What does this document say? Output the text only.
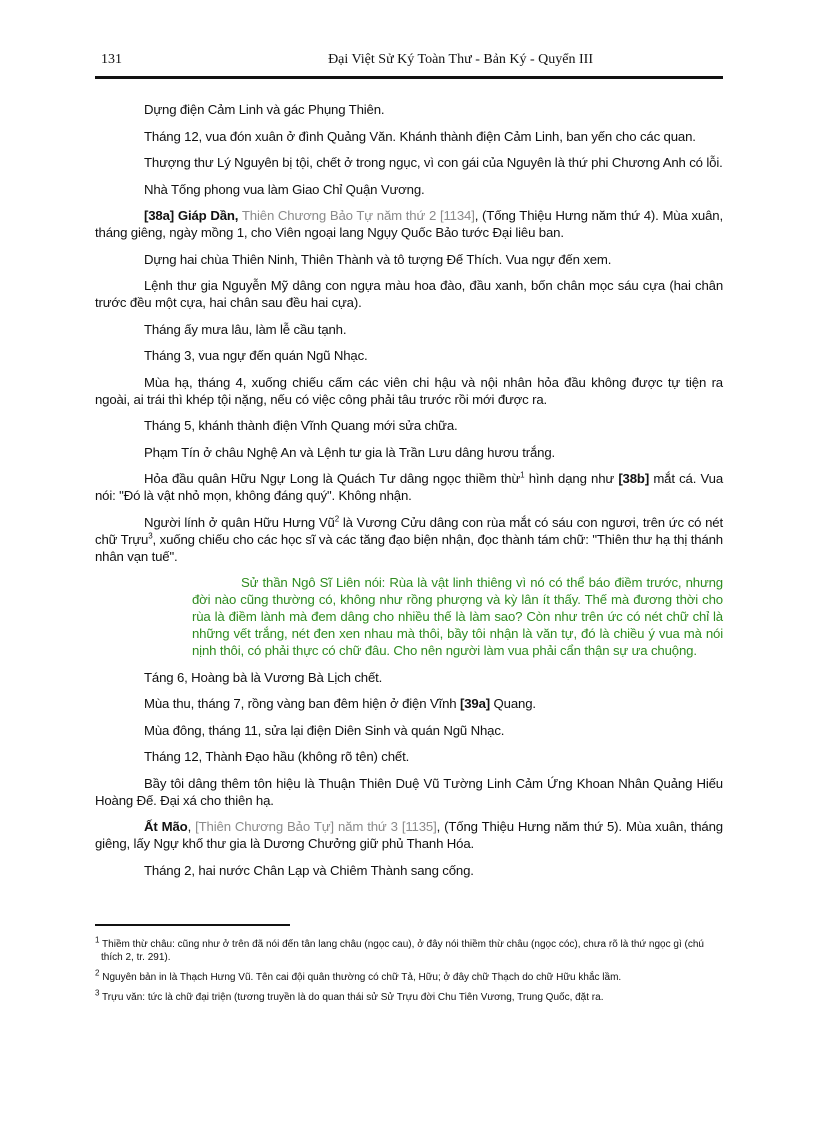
131	Đại Việt Sử Ký Toàn Thư - Bản Ký - Quyển III

Dựng điện Cảm Linh và gác Phụng Thiên.

Tháng 12, vua đón xuân ở đình Quảng Văn. Khánh thành điện Cảm Linh, ban yến cho các quan.

Thượng thư Lý Nguyên bị tội, chết ở trong ngục, vì con gái của Nguyên là thứ phi Chương Anh có lỗi.

Nhà Tống phong vua làm Giao Chỉ Quận Vương.

[38a] Giáp Dần, Thiên Chương Bảo Tự năm thứ 2 [1134], (Tống Thiệu Hưng năm thứ 4). Mùa xuân, tháng giêng, ngày mồng 1, cho Viên ngoại lang Ngụy Quốc Bảo tước Đại liêu ban.

Dựng hai chùa Thiên Ninh, Thiên Thành và tô tượng Đế Thích. Vua ngự đến xem.

Lệnh thư gia Nguyễn Mỹ dâng con ngựa màu hoa đào, đầu xanh, bốn chân mọc sáu cựa (hai chân trước đều một cựa, hai chân sau đều hai cựa).

Tháng ấy mưa lâu, làm lễ cầu tạnh.

Tháng 3, vua ngự đến quán Ngũ Nhạc.

Mùa hạ, tháng 4, xuống chiếu cấm các viên chi hậu và nội nhân hỏa đầu không được tự tiện ra ngoài, ai trái thì khép tội nặng, nếu có việc công phải tâu trước rồi mới được ra.

Tháng 5, khánh thành điện Vĩnh Quang mới sửa chữa.

Phạm Tín ở châu Nghệ An và Lệnh tư gia là Trần Lưu dâng hươu trắng.

Hỏa đầu quân Hữu Ngự Long là Quách Tư dâng ngọc thiềm thừ$^1$ hình dạng như [38b] mắt cá. Vua nói: "Đó là vật nhỏ mọn, không đáng quý". Không nhận.

Người lính ở quân Hữu Hưng $Vũ^2$ là Vương Cửu dâng con rùa mắt có sáu con ngươi, trên ức có nét chữ Trựu$^3$, xuống chiếu cho các học sĩ và các tăng đạo biện nhận, đọc thành tám chữ: "Thiên thư hạ thị thánh nhân vạn tuế".

Sử thần Ngô Sĩ Liên nói: Rùa là vật linh thiêng vì nó có thể báo điềm trước, nhưng đời nào cũng thường có, không như rồng phượng và kỳ lân ít thấy. Thế mà đương thời cho rùa là điềm lành mà đem dâng cho nhiều thế là làm sao? Còn như trên ức có nét chữ chỉ là những vết trắng, nét đen xen nhau mà thôi, bầy tôi nhận là văn tự, đó là chiều ý vua mà nói nịnh thôi, có phải thực có chữ đâu. Cho nên người làm vua phải cẩn thận sự ưa chuộng.

Táng 6, Hoàng bà là Vương Bà Lịch chết.

Mùa thu, tháng 7, rồng vàng ban đêm hiện ở điện Vĩnh [39a] Quang.

Mùa đông, tháng 11, sửa lại điện Diên Sinh và quán Ngũ Nhạc.

Tháng 12, Thành Đạo hầu (không rõ tên) chết.

Bầy tôi dâng thêm tôn hiệu là Thuận Thiên Duệ Vũ Tường Linh Cảm Ứng Khoan Nhân Quảng Hiếu Hoàng Đế. Đại xá cho thiên hạ.

Ất Mão, [Thiên Chương Bảo Tự] năm thứ 3 [1135], (Tống Thiệu Hưng năm thứ 5). Mùa xuân, tháng giêng, lấy Ngự khố thư gia là Dương Chưởng giữ phủ Thanh Hóa.

Tháng 2, hai nước Chân Lạp và Chiêm Thành sang cống.

$^1$ Thiềm thừ châu: cũng như ở trên đã nói đến tân lang châu (ngọc cau), ở đây nói thiềm thừ châu (ngọc cóc), chưa rõ là thứ ngọc gì (chú thích 2, tr. 291).

$^2$ Nguyên bản in là Thạch Hưng Vũ. Tên cai đội quân thường có chữ Tả, Hữu; ở đây chữ Thạch do chữ Hữu khắc lầm.

$^3$ Trựu văn: tức là chữ đại triện (tương truyền là do quan thái sử Sử Trựu đời Chu Tiên Vương, Trung Quốc, đặt ra.
